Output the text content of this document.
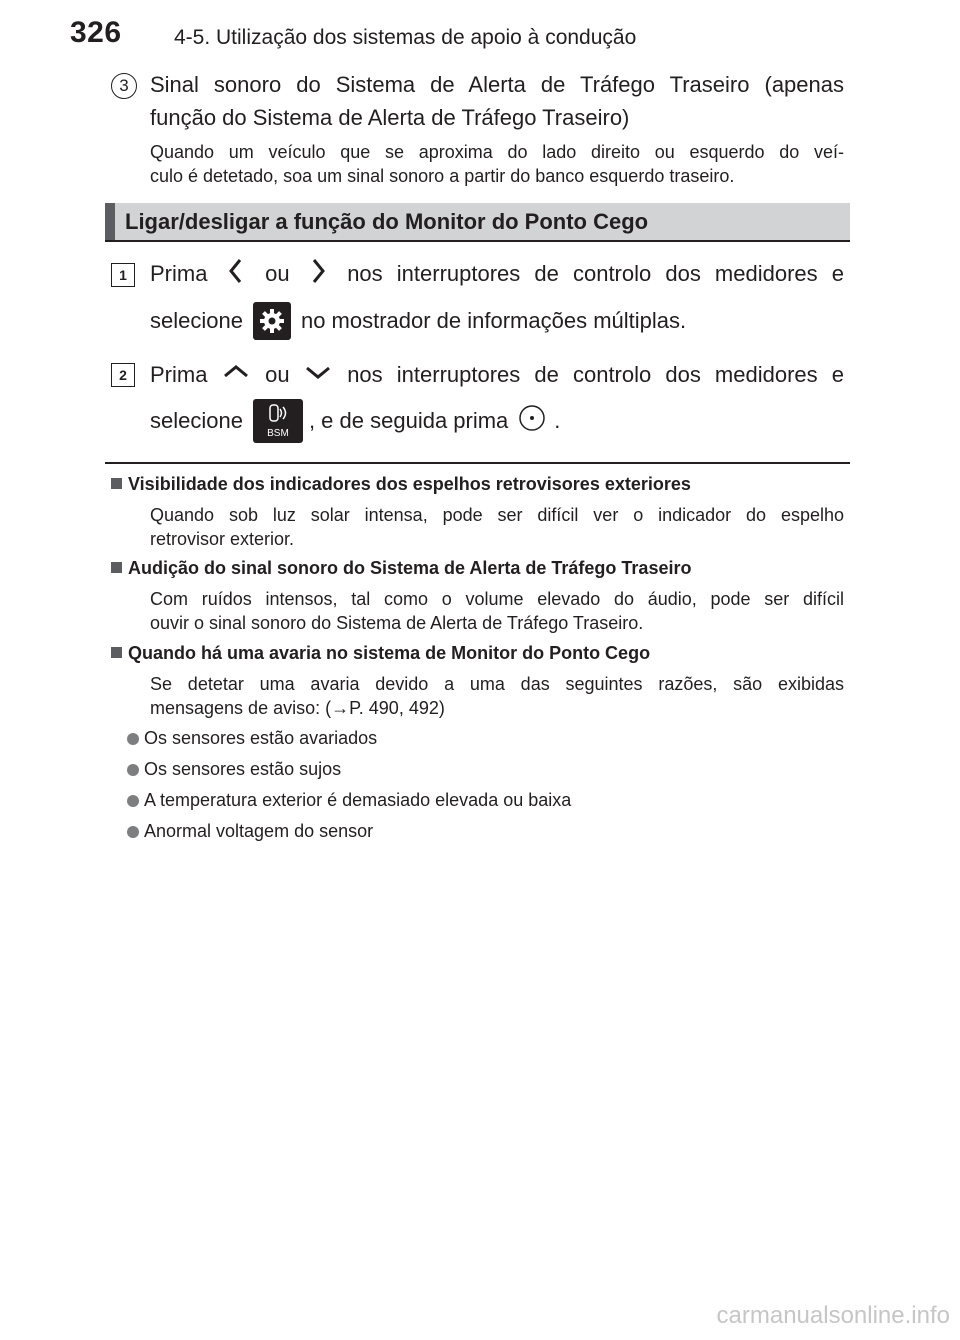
326 4-5. Utilização dos sistemas de apoio à condução
3 Sinal sonoro do Sistema de Alerta de Tráfego Traseiro (apenas
função do Sistema de Alerta de Tráfego Traseiro)
Quando um veículo que se aproxima do lado direito ou esquerdo do veí-
culo é detetado, soa um sinal sonoro a partir do banco esquerdo traseiro.
Ligar/desligar a função do Monitor do Ponto Cego
1	Prima	ou	nos interruptores de controlo dos medidores e
selecione	no mostrador de informações múltiplas.
2	Prima	ou	nos interruptores de controlo dos medidores e
selecione
BSM
, e de seguida prima .
Visibilidade dos indicadores dos espelhos retrovisores exteriores
Quando sob luz solar intensa, pode ser difícil ver o indicador do espelho
retrovisor exterior.
Audição do sinal sonoro do Sistema de Alerta de Tráfego Traseiro
Com ruídos intensos, tal como o volume elevado do áudio, pode ser difícil
ouvir o sinal sonoro do Sistema de Alerta de Tráfego Traseiro.
Quando há uma avaria no sistema de Monitor do Ponto Cego
Se detetar uma avaria devido a uma das seguintes razões, são exibidas
mensagens de aviso: (→P. 490, 492)
Os sensores estão avariados
Os sensores estão sujos
A temperatura exterior é demasiado elevada ou baixa
Anormal voltagem do sensor
carmanualsonline.info
